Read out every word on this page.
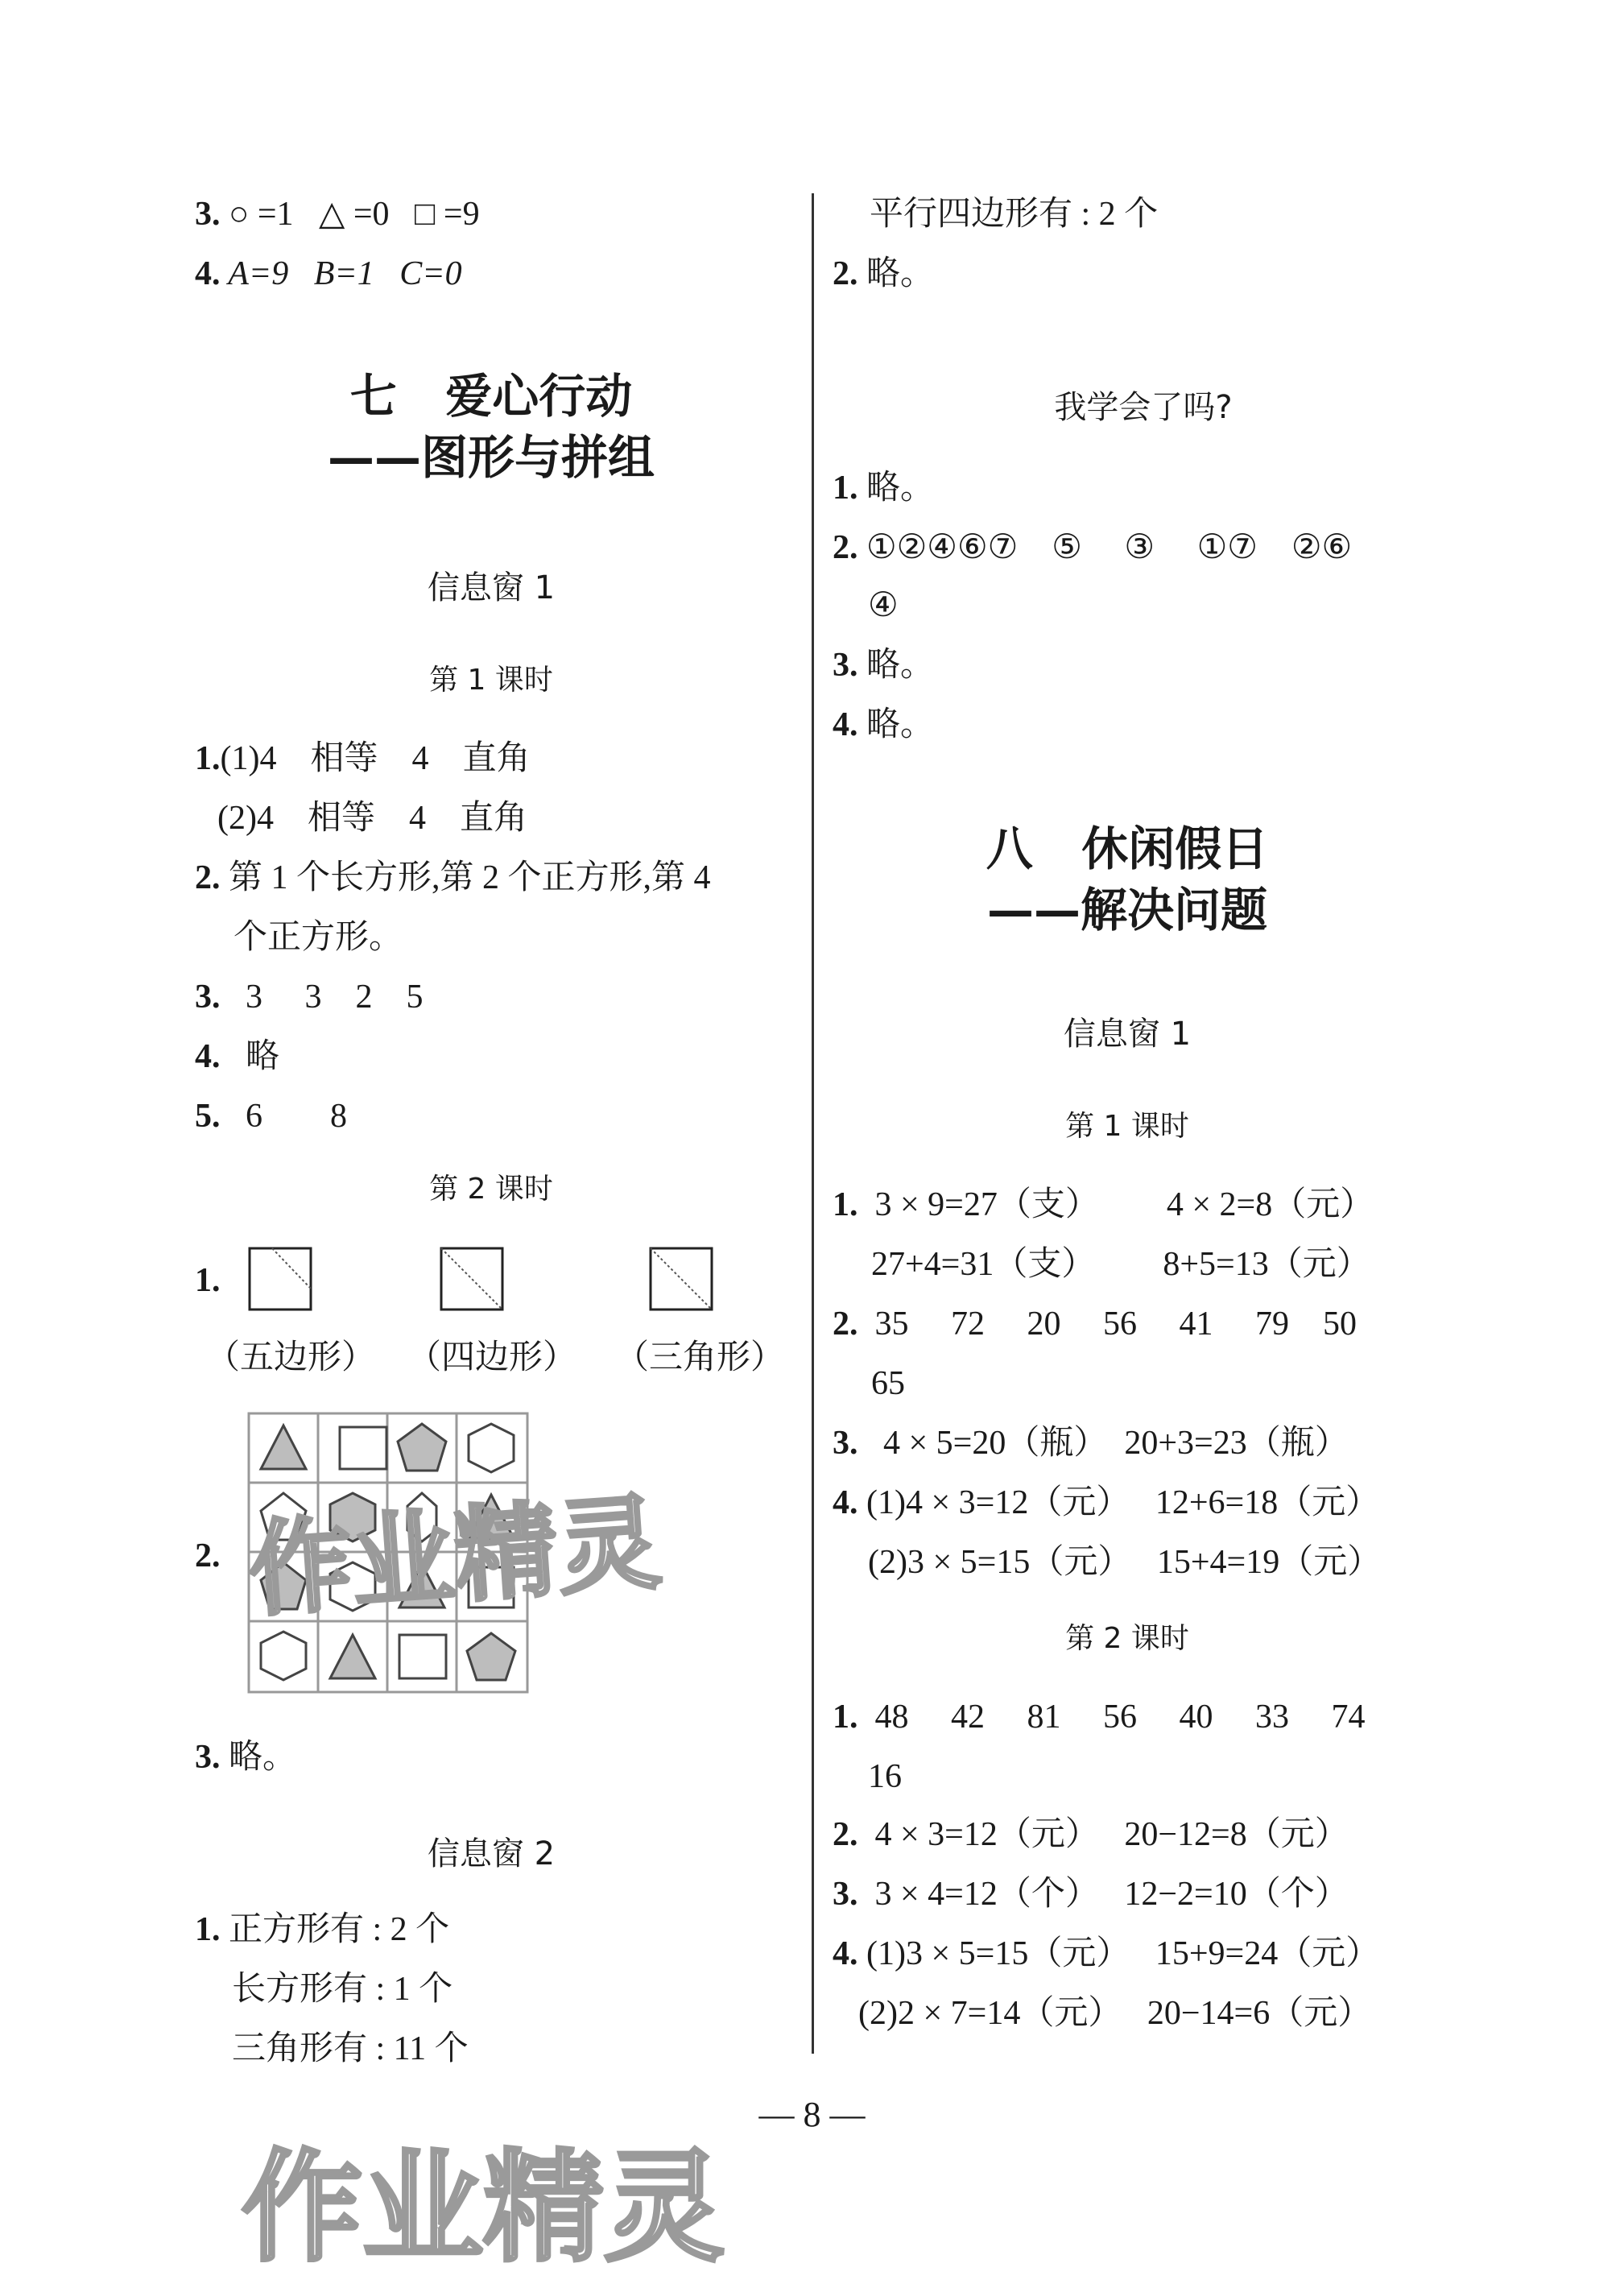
3. ○ =1   △ =0   □ =9
4. A=9   B=1   C=0
七   爱心行动
——图形与拼组
信息窗 1
第 1 课时
1.(1)4    相等    4    直角
(2)4    相等    4    直角
2. 第 1 个长方形,第 2 个正方形,第 4
个正方形。
3.   3     3    2    5
4.   略
5.   6        8
第 2 课时
1.
（五边形） （四边形） （三角形）
2.
3. 略。
信息窗 2
1. 正方形有 : 2 个
长方形有 : 1 个
三角形有 : 11 个
平行四边形有 : 2 个
2. 略。
我学会了吗?
1. 略。
2. ①②④⑥⑦    ⑤     ③     ①⑦    ②⑥
④
3. 略。
4. 略。
八   休闲假日
——解决问题
信息窗 1
第 1 课时
1.  3 × 9=27（支）        4 × 2=8（元）
27+4=31（支）        8+5=13（元）
2.  35     72     20     56     41     79    50
65
3.   4 × 5=20（瓶）  20+3=23（瓶）
4. (1)4 × 3=12（元）   12+6=18（元）
(2)3 × 5=15（元）   15+4=19（元）
第 2 课时
1.  48     42     81     56     40     33     74
16
2.  4 × 3=12（元）   20−12=8（元）
3.  3 × 4=12（个）   12−2=10（个）
4. (1)3 × 5=15（元）   15+9=24（元）
(2)2 × 7=14（元）   20−14=6（元）
— 8 —
作业精灵
作业精灵
